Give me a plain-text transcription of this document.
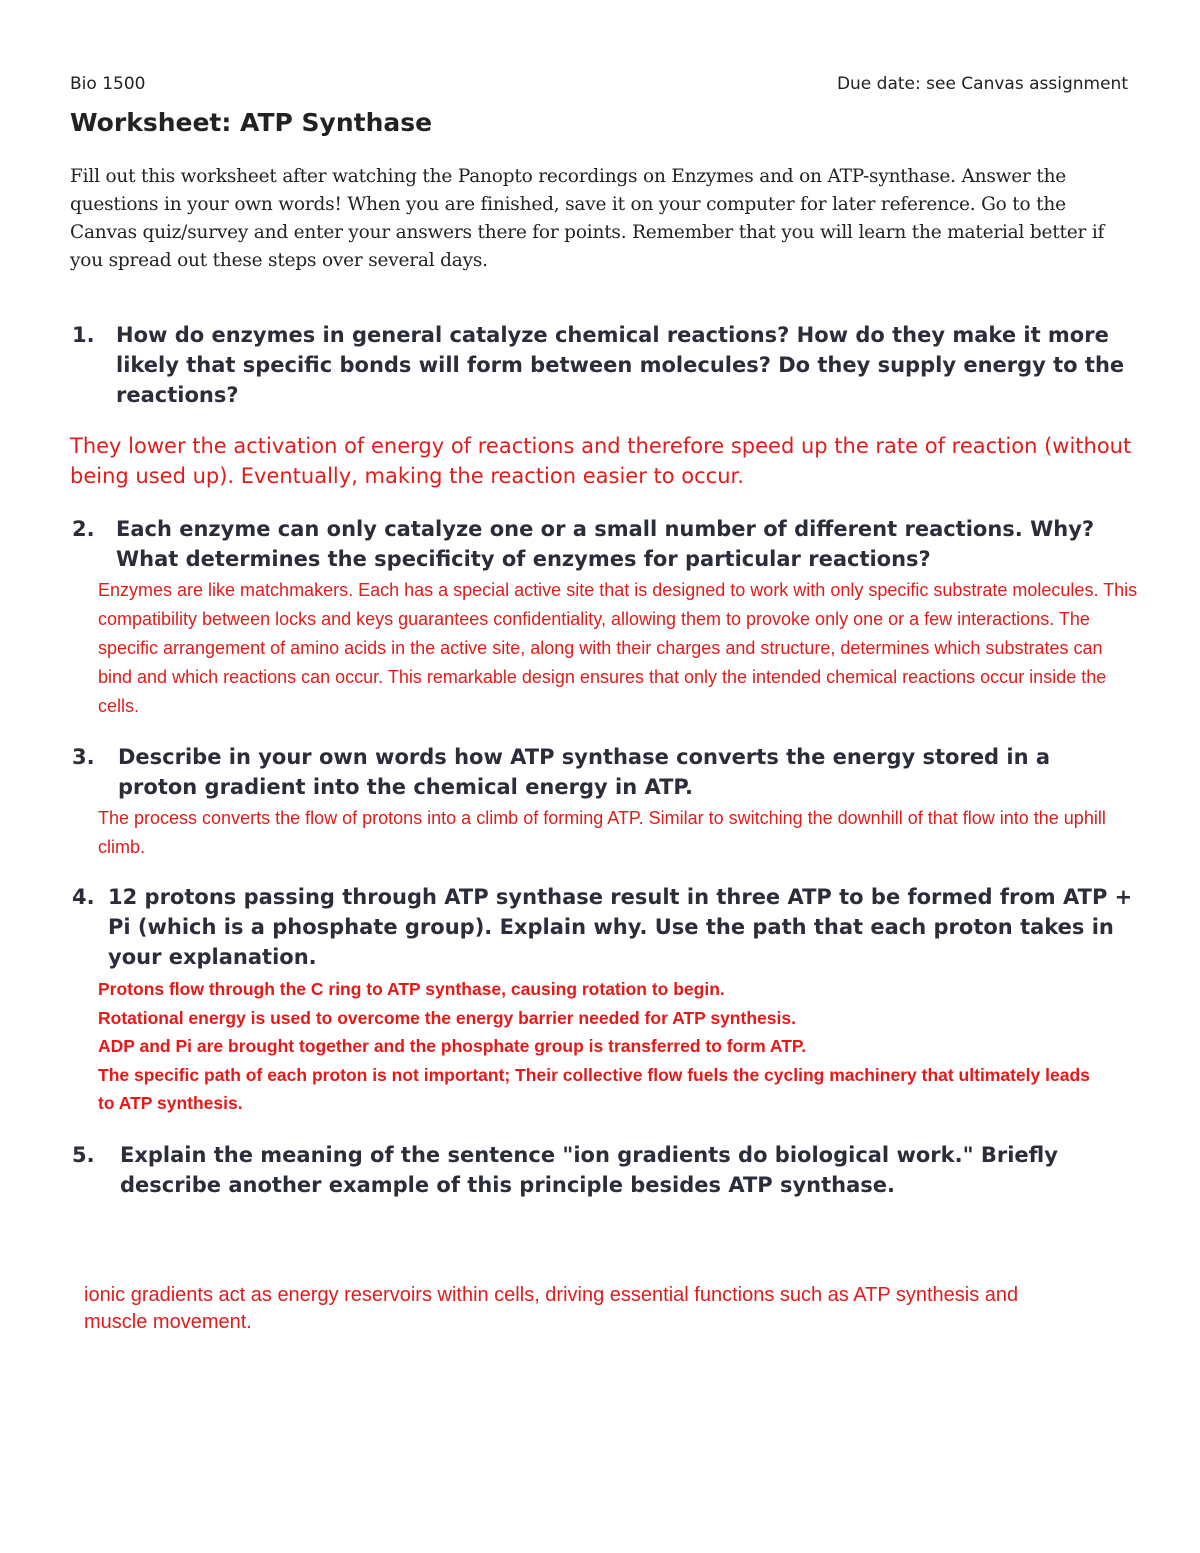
Bio 1500	Due date: see Canvas assignment
Worksheet: ATP Synthase

Fill out this worksheet after watching the Panopto recordings on Enzymes and on ATP-synthase. Answer the questions in your own words! When you are finished, save it on your computer for later reference. Go to the Canvas quiz/survey and enter your answers there for points. Remember that you will learn the material better if you spread out these steps over several days.

1.	How do enzymes in general catalyze chemical reactions? How do they make it more likely that specific bonds will form between molecules? Do they supply energy to the reactions?

They lower the activation of energy of reactions and therefore speed up the rate of reaction (without being used up). Eventually, making the reaction easier to occur.

2.	Each enzyme can only catalyze one or a small number of different reactions. Why? What determines the specificity of enzymes for particular reactions?

Enzymes are like matchmakers. Each has a special active site that is designed to work with only specific substrate molecules. This compatibility between locks and keys guarantees confidentiality, allowing them to provoke only one or a few interactions. The specific arrangement of amino acids in the active site, along with their charges and structure, determines which substrates can bind and which reactions can occur. This remarkable design ensures that only the intended chemical reactions occur inside the cells.

3.	Describe in your own words how ATP synthase converts the energy stored in a proton gradient into the chemical energy in ATP.

The process converts the flow of protons into a climb of forming ATP. Similar to switching the downhill of that flow into the uphill climb.

4. 12 protons passing through ATP synthase result in three ATP to be formed from ATP + Pi (which is a phosphate group). Explain why. Use the path that each proton takes in your explanation.
Protons flow through the C ring to ATP synthase, causing rotation to begin.
Rotational energy is used to overcome the energy barrier needed for ATP synthesis.
ADP and Pi are brought together and the phosphate group is transferred to form ATP.
The specific path of each proton is not important; Their collective flow fuels the cycling machinery that ultimately leads to ATP synthesis.
5.	Explain the meaning of the sentence "ion gradients do biological work." Briefly describe another example of this principle besides ATP synthase.

ionic gradients act as energy reservoirs within cells, driving essential functions such as ATP synthesis and muscle movement.
